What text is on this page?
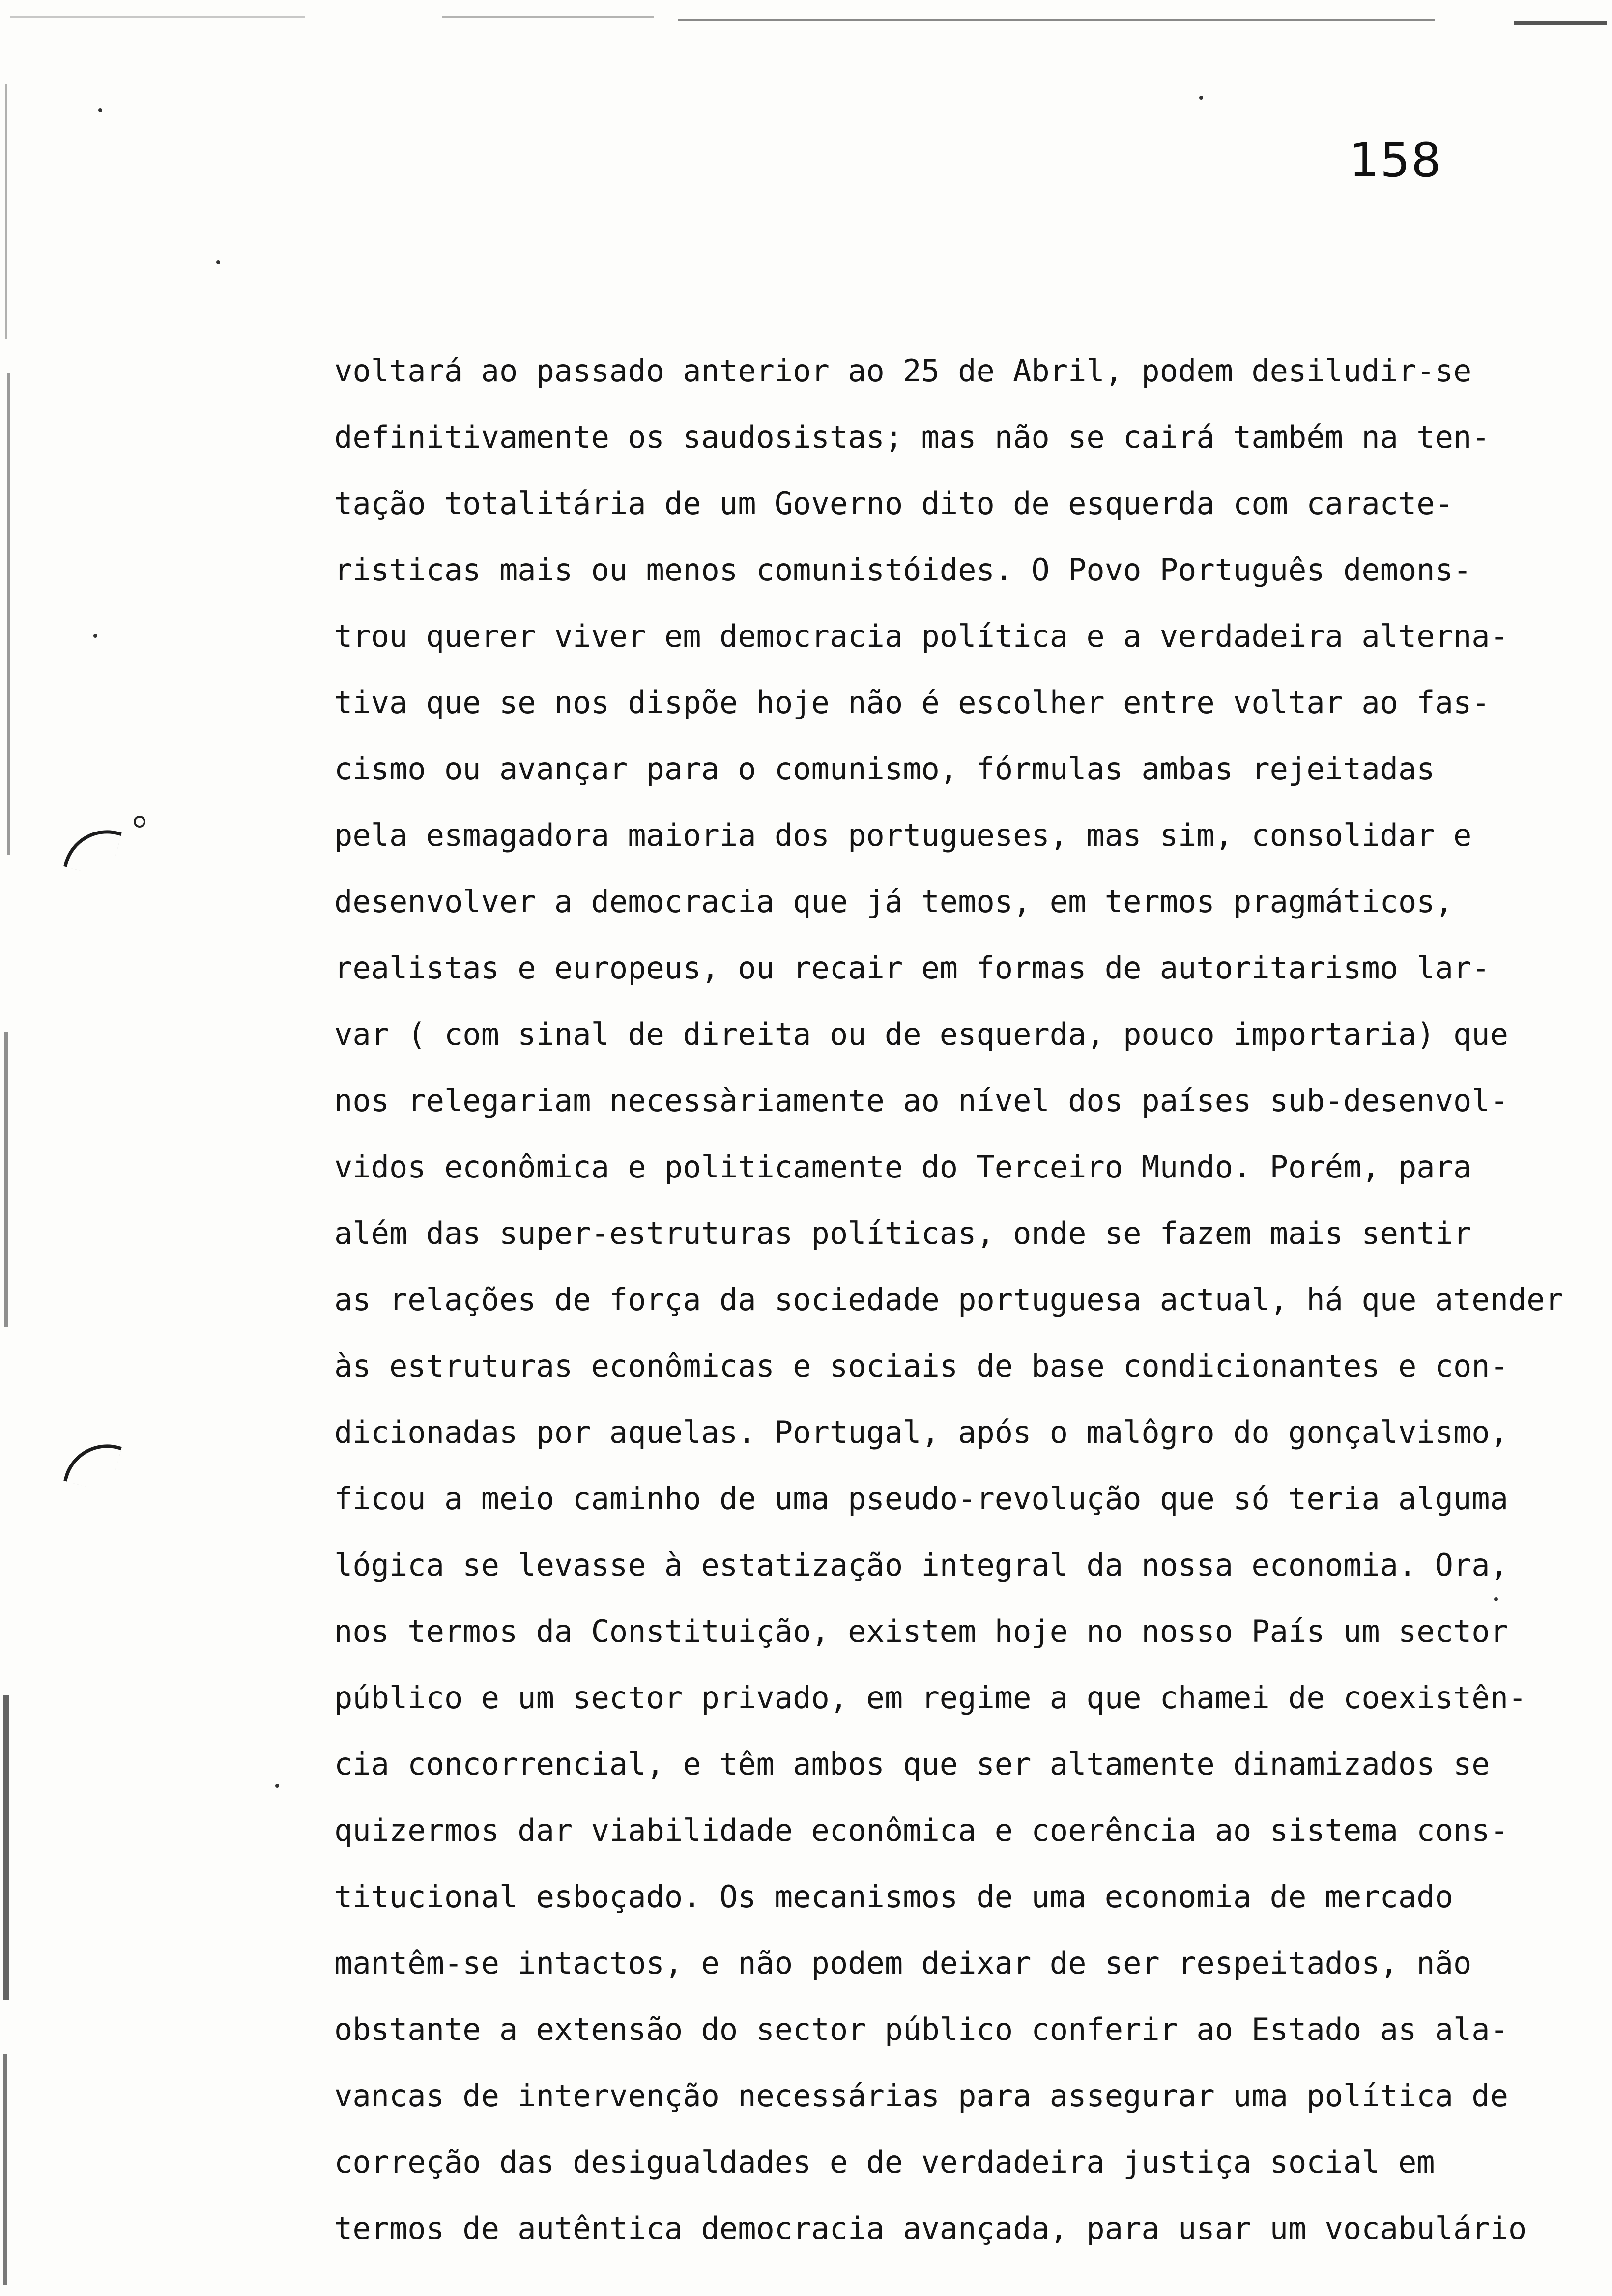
158
voltará ao passado anterior ao 25 de Abril, podem desiludir-se
definitivamente os saudosistas; mas não se cairá também na ten-
tação totalitária de um Governo dito de esquerda com caracte-
risticas mais ou menos comunistóides. O Povo Português demons-
trou querer viver em democracia política e a verdadeira alterna-
tiva que se nos dispõe hoje não é escolher entre voltar ao fas-
cismo ou avançar para o comunismo, fórmulas ambas rejeitadas
pela esmagadora maioria dos portugueses, mas sim, consolidar e
desenvolver a democracia que já temos, em termos pragmáticos,
realistas e europeus, ou recair em formas de autoritarismo lar-
var ( com sinal de direita ou de esquerda, pouco importaria) que
nos relegariam necessàriamente ao nível dos países sub-desenvol-
vidos econômica e politicamente do Terceiro Mundo. Porém, para
além das super-estruturas políticas, onde se fazem mais sentir
as relações de força da sociedade portuguesa actual, há que atender
às estruturas econômicas e sociais de base condicionantes e con-
dicionadas por aquelas. Portugal, após o malôgro do gonçalvismo,
ficou a meio caminho de uma pseudo-revolução que só teria alguma
lógica se levasse à estatização integral da nossa economia. Ora,
nos termos da Constituição, existem hoje no nosso País um sector
público e um sector privado, em regime a que chamei de coexistên-
cia concorrencial, e têm ambos que ser altamente dinamizados se
quizermos dar viabilidade econômica e coerência ao sistema cons-
titucional esboçado. Os mecanismos de uma economia de mercado
mantêm-se intactos, e não podem deixar de ser respeitados, não
obstante a extensão do sector público conferir ao Estado as ala-
vancas de intervenção necessárias para assegurar uma política de
correção das desigualdades e de verdadeira justiça social em
termos de autêntica democracia avançada, para usar um vocabulário
